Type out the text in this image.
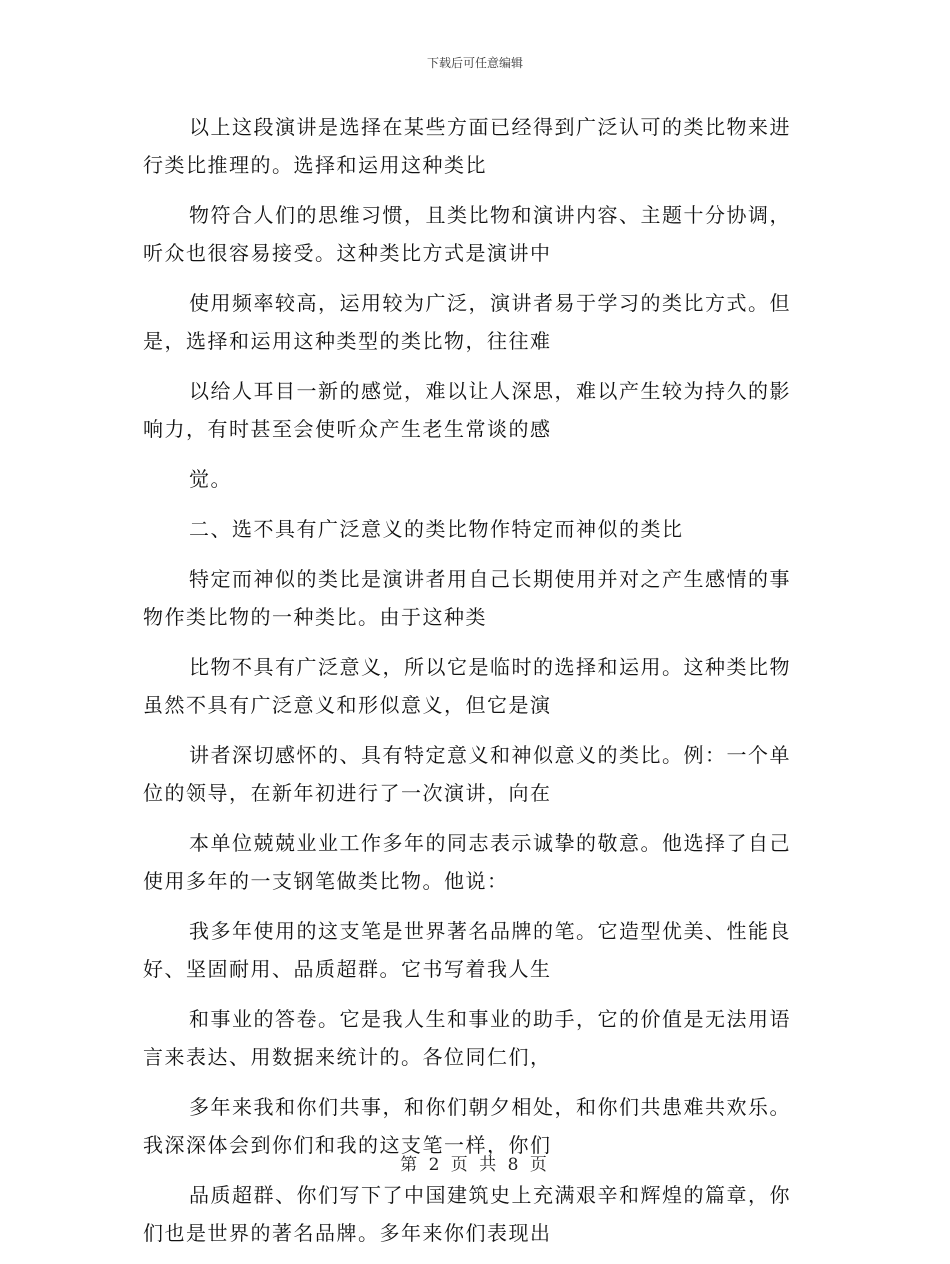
下载后可任意编辑

以上这段演讲是选择在某些方面已经得到广泛认可的类比物来进
行类比推理的。选择和运用这种类比

物符合人们的思维习惯，且类比物和演讲内容、主题十分协调，
听众也很容易接受。这种类比方式是演讲中

使用频率较高，运用较为广泛，演讲者易于学习的类比方式。但
是，选择和运用这种类型的类比物，往往难

以给人耳目一新的感觉，难以让人深思，难以产生较为持久的影
响力，有时甚至会使听众产生老生常谈的感

觉。

二、选不具有广泛意义的类比物作特定而神似的类比

特定而神似的类比是演讲者用自己长期使用并对之产生感情的事
物作类比物的一种类比。由于这种类

比物不具有广泛意义，所以它是临时的选择和运用。这种类比物
虽然不具有广泛意义和形似意义，但它是演

讲者深切感怀的、具有特定意义和神似意义的类比。例：一个单
位的领导，在新年初进行了一次演讲，向在

本单位兢兢业业工作多年的同志表示诚挚的敬意。他选择了自己
使用多年的一支钢笔做类比物。他说：

我多年使用的这支笔是世界著名品牌的笔。它造型优美、性能良
好、坚固耐用、品质超群。它书写着我人生

和事业的答卷。它是我人生和事业的助手，它的价值是无法用语
言来表达、用数据来统计的。各位同仁们，

多年来我和你们共事，和你们朝夕相处，和你们共患难共欢乐。
我深深体会到你们和我的这支笔一样，你们

品质超群、你们写下了中国建筑史上充满艰辛和辉煌的篇章，你
们也是世界的著名品牌。多年来你们表现出

第 2 页 共 8 页
